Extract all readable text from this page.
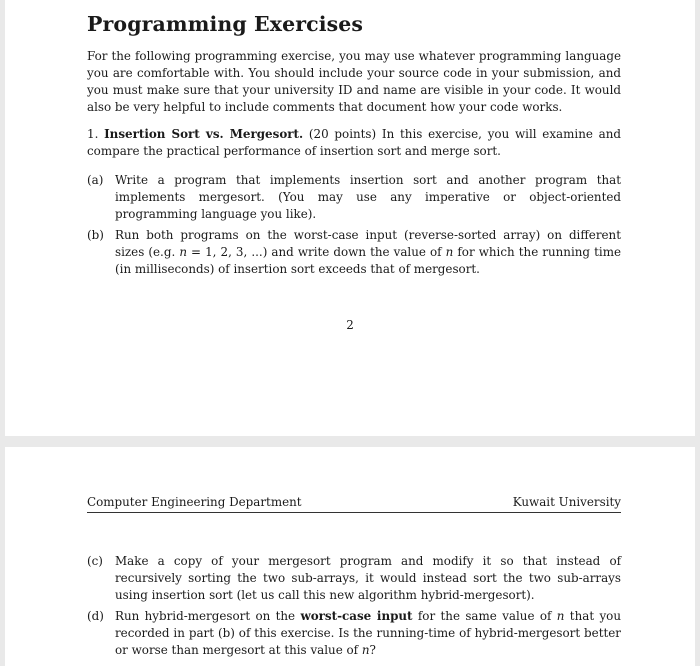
Programming Exercises

For the following programming exercise, you may use whatever programming language you are comfortable with. You should include your source code in your submission, and you must make sure that your university ID and name are visible in your code. It would also be very helpful to include comments that document how your code works.

1. Insertion Sort vs. Mergesort. (20 points) In this exercise, you will examine and compare the practical performance of insertion sort and merge sort.

(a) Write a program that implements insertion sort and another program that implements mergesort. (You may use any imperative or object-oriented programming language you like).

(b) Run both programs on the worst-case input (reverse-sorted array) on different sizes (e.g. n = 1, 2, 3, ...) and write down the value of n for which the running time (in milliseconds) of insertion sort exceeds that of mergesort.

2
Computer Engineering Department	Kuwait University
(c) Make a copy of your mergesort program and modify it so that instead of recursively sorting the two sub-arrays, it would instead sort the two sub-arrays using insertion sort (let us call this new algorithm hybrid-mergesort).

(d) Run hybrid-mergesort on the worst-case input for the same value of n that you recorded in part (b) of this exercise. Is the running-time of hybrid-mergesort better or worse than mergesort at this value of n?
